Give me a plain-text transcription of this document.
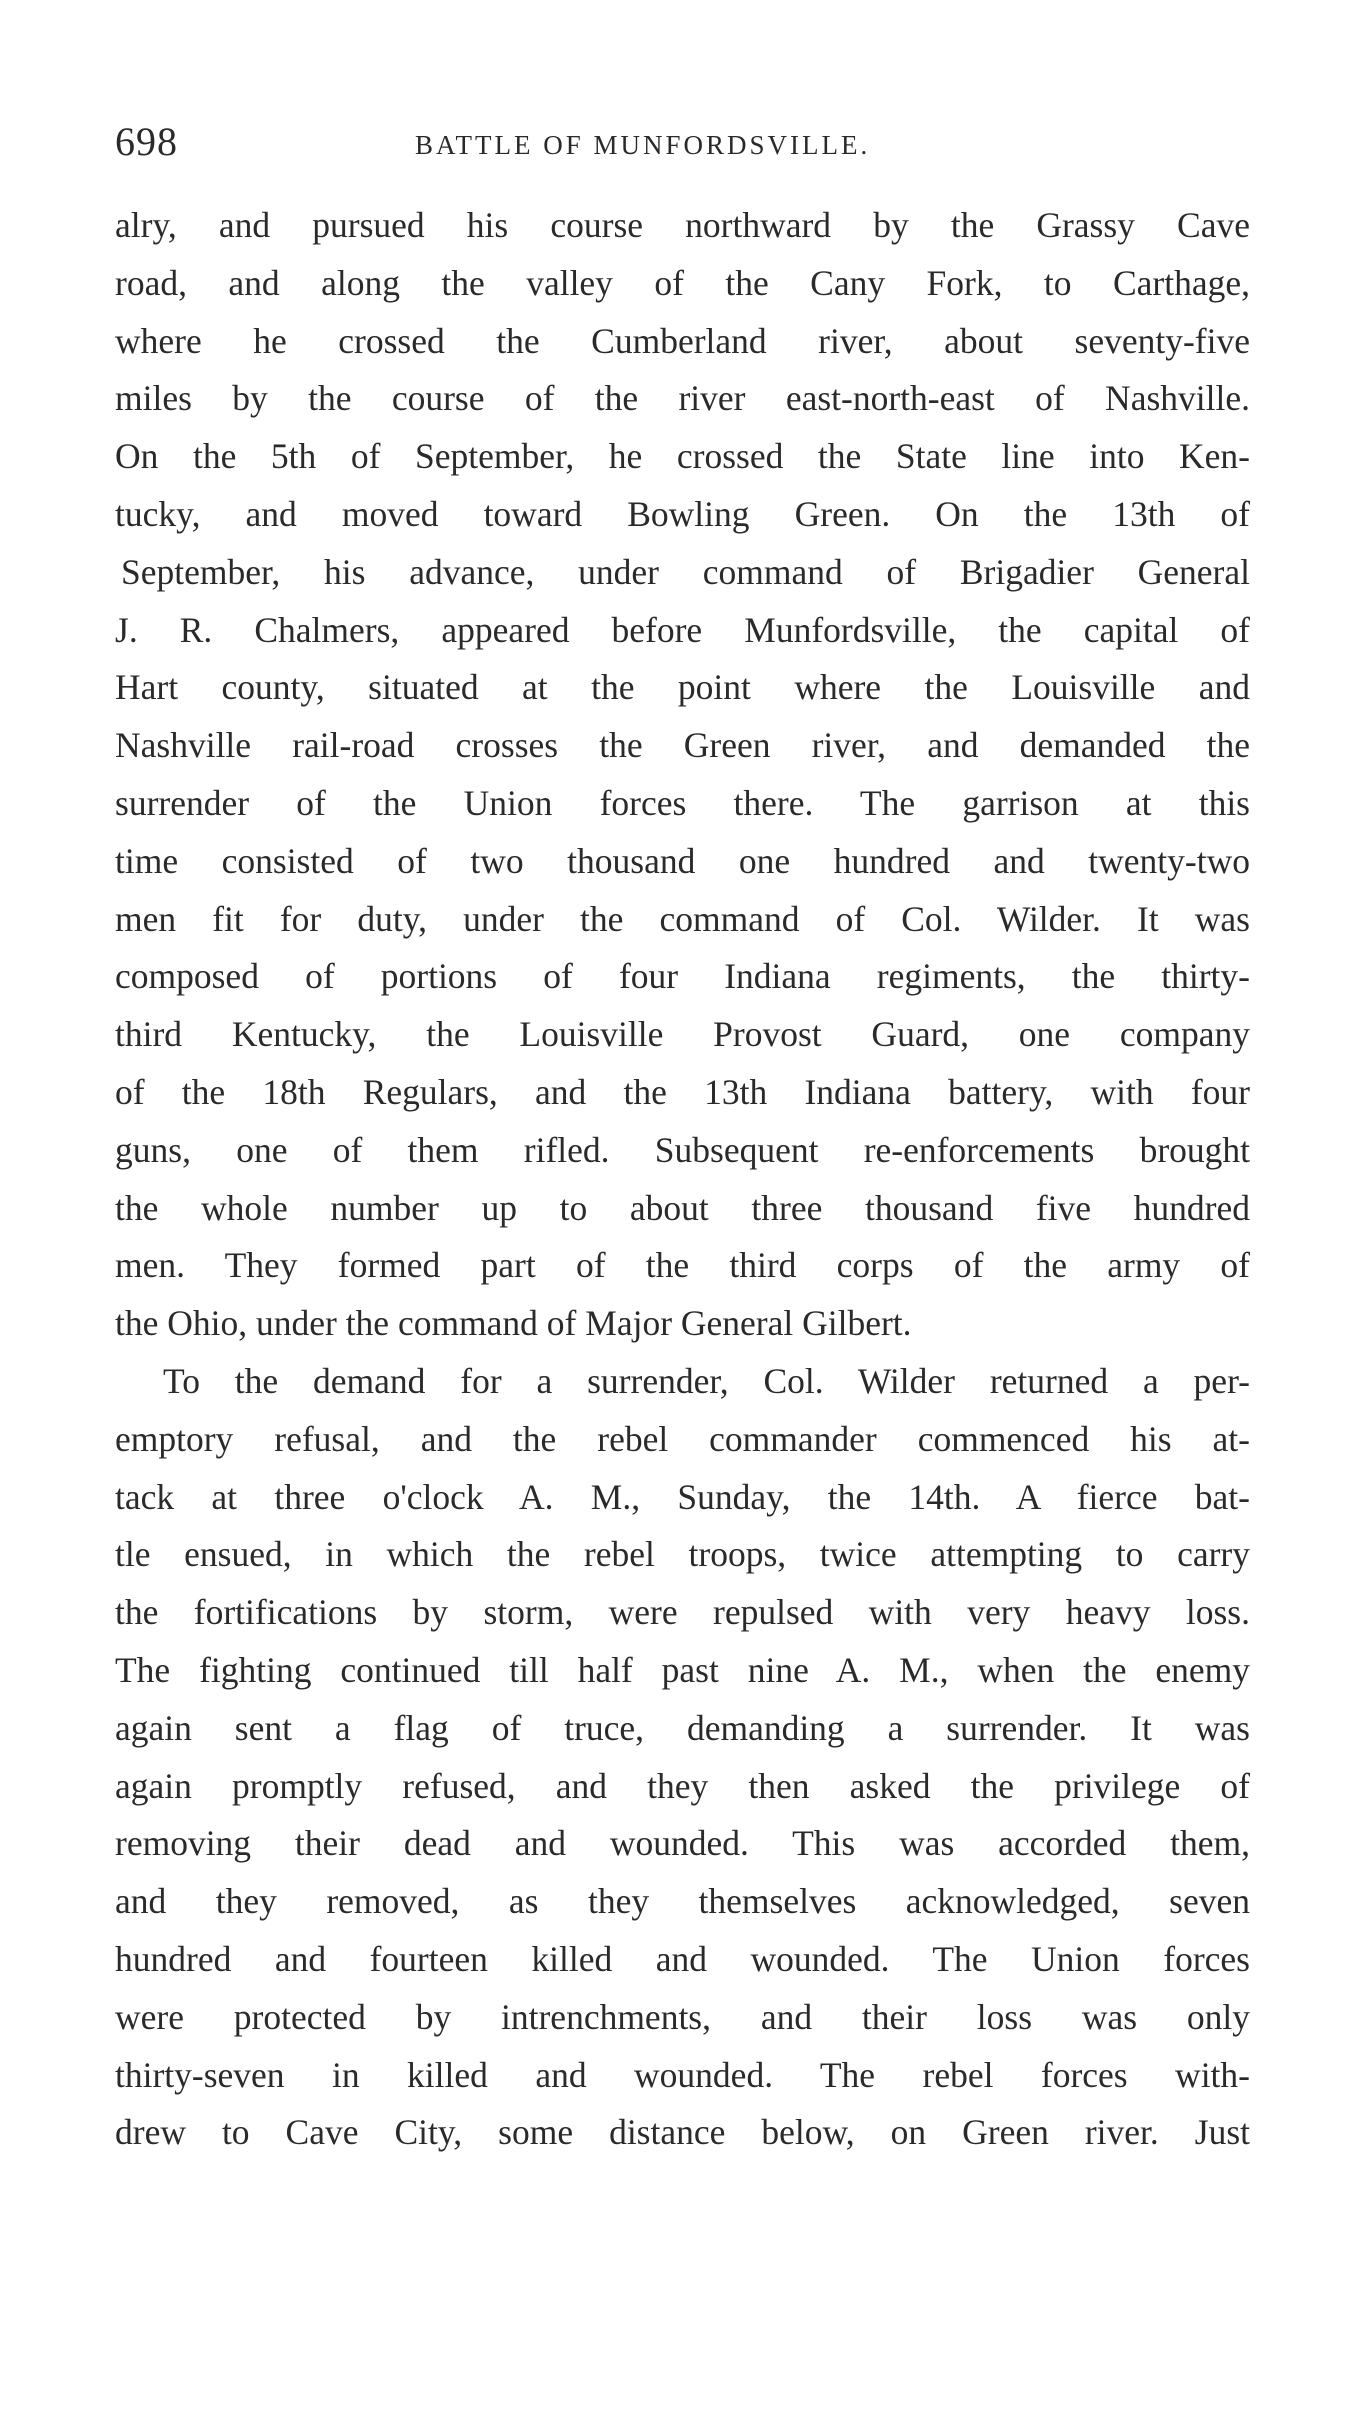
698	BATTLE OF MUNFORDSVILLE.
alry, and pursued his course northward by the Grassy Cave
road, and along the valley of the Cany Fork, to Carthage,
where he crossed the Cumberland river, about seventy-five
miles by the course of the river east-north-east of Nashville.
On the 5th of September, he crossed the State line into Ken-
tucky, and moved toward Bowling Green. On the 13th of
September, his advance, under command of Brigadier General
J. R. Chalmers, appeared before Munfordsville, the capital of
Hart county, situated at the point where the Louisville and
Nashville rail-road crosses the Green river, and demanded the
surrender of the Union forces there. The garrison at this
time consisted of two thousand one hundred and twenty-two
men fit for duty, under the command of Col. Wilder. It was
composed of portions of four Indiana regiments, the thirty-
third Kentucky, the Louisville Provost Guard, one company
of the 18th Regulars, and the 13th Indiana battery, with four
guns, one of them rifled. Subsequent re-enforcements brought
the whole number up to about three thousand five hundred
men. They formed part of the third corps of the army of
the Ohio, under the command of Major General Gilbert.
To the demand for a surrender, Col. Wilder returned a per-
emptory refusal, and the rebel commander commenced his at-
tack at three o'clock A. M., Sunday, the 14th. A fierce bat-
tle ensued, in which the rebel troops, twice attempting to carry
the fortifications by storm, were repulsed with very heavy loss.
The fighting continued till half past nine A. M., when the enemy
again sent a flag of truce, demanding a surrender. It was
again promptly refused, and they then asked the privilege of
removing their dead and wounded. This was accorded them,
and they removed, as they themselves acknowledged, seven
hundred and fourteen killed and wounded. The Union forces
were protected by intrenchments, and their loss was only
thirty-seven in killed and wounded. The rebel forces with-
drew to Cave City, some distance below, on Green river. Just
